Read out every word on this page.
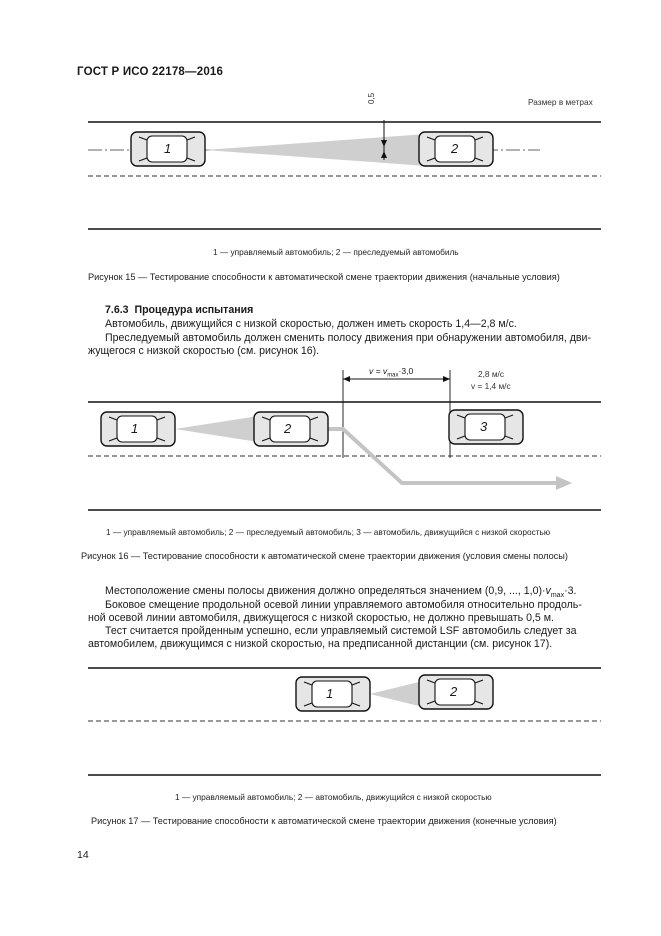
ГОСТ Р ИСО 22178—2016
Размер в метрах
0,5
1	2
1 — управляемый автомобиль; 2 — преследуемый автомобиль
Рисунок 15 — Тестирование способности к автоматической смене траектории движения (начальные условия)
7.6.3 Процедура испытания
Автомобиль, движущийся с низкой скоростью, должен иметь скорость 1,4—2,8 м/с.
Преследуемый автомобиль должен сменить полосу движения при обнаружении автомобиля, дви-
жущегося с низкой скоростью (см. рисунок 16).
$v = v_{max}\cdot 3,0$	2,8 м/с
v = 1,4 м/с
1	2	3
1 — управляемый автомобиль; 2 — преследуемый автомобиль; 3 — автомобиль, движущийся с низкой скоростью
Рисунок 16 — Тестирование способности к автоматической смене траектории движения (условия смены полосы)
Местоположение смены полосы движения должно определяться значением (0,9, ..., $1,0)\cdot v_{max}\cdot 3$.
Боковое смещение продольной осевой линии управляемого автомобиля относительно продоль-
ной осевой линии автомобиля, движущегося с низкой скоростью, не должно превышать 0,5 м.
Тест считается пройденным успешно, если управляемый системой LSF автомобиль следует за
автомобилем, движущимся с низкой скоростью, на предписанной дистанции (см. рисунок 17).
1	2
1 — управляемый автомобиль; 2 — автомобиль, движущийся с низкой скоростью
Рисунок 17 — Тестирование способности к автоматической смене траектории движения (конечные условия)
14
